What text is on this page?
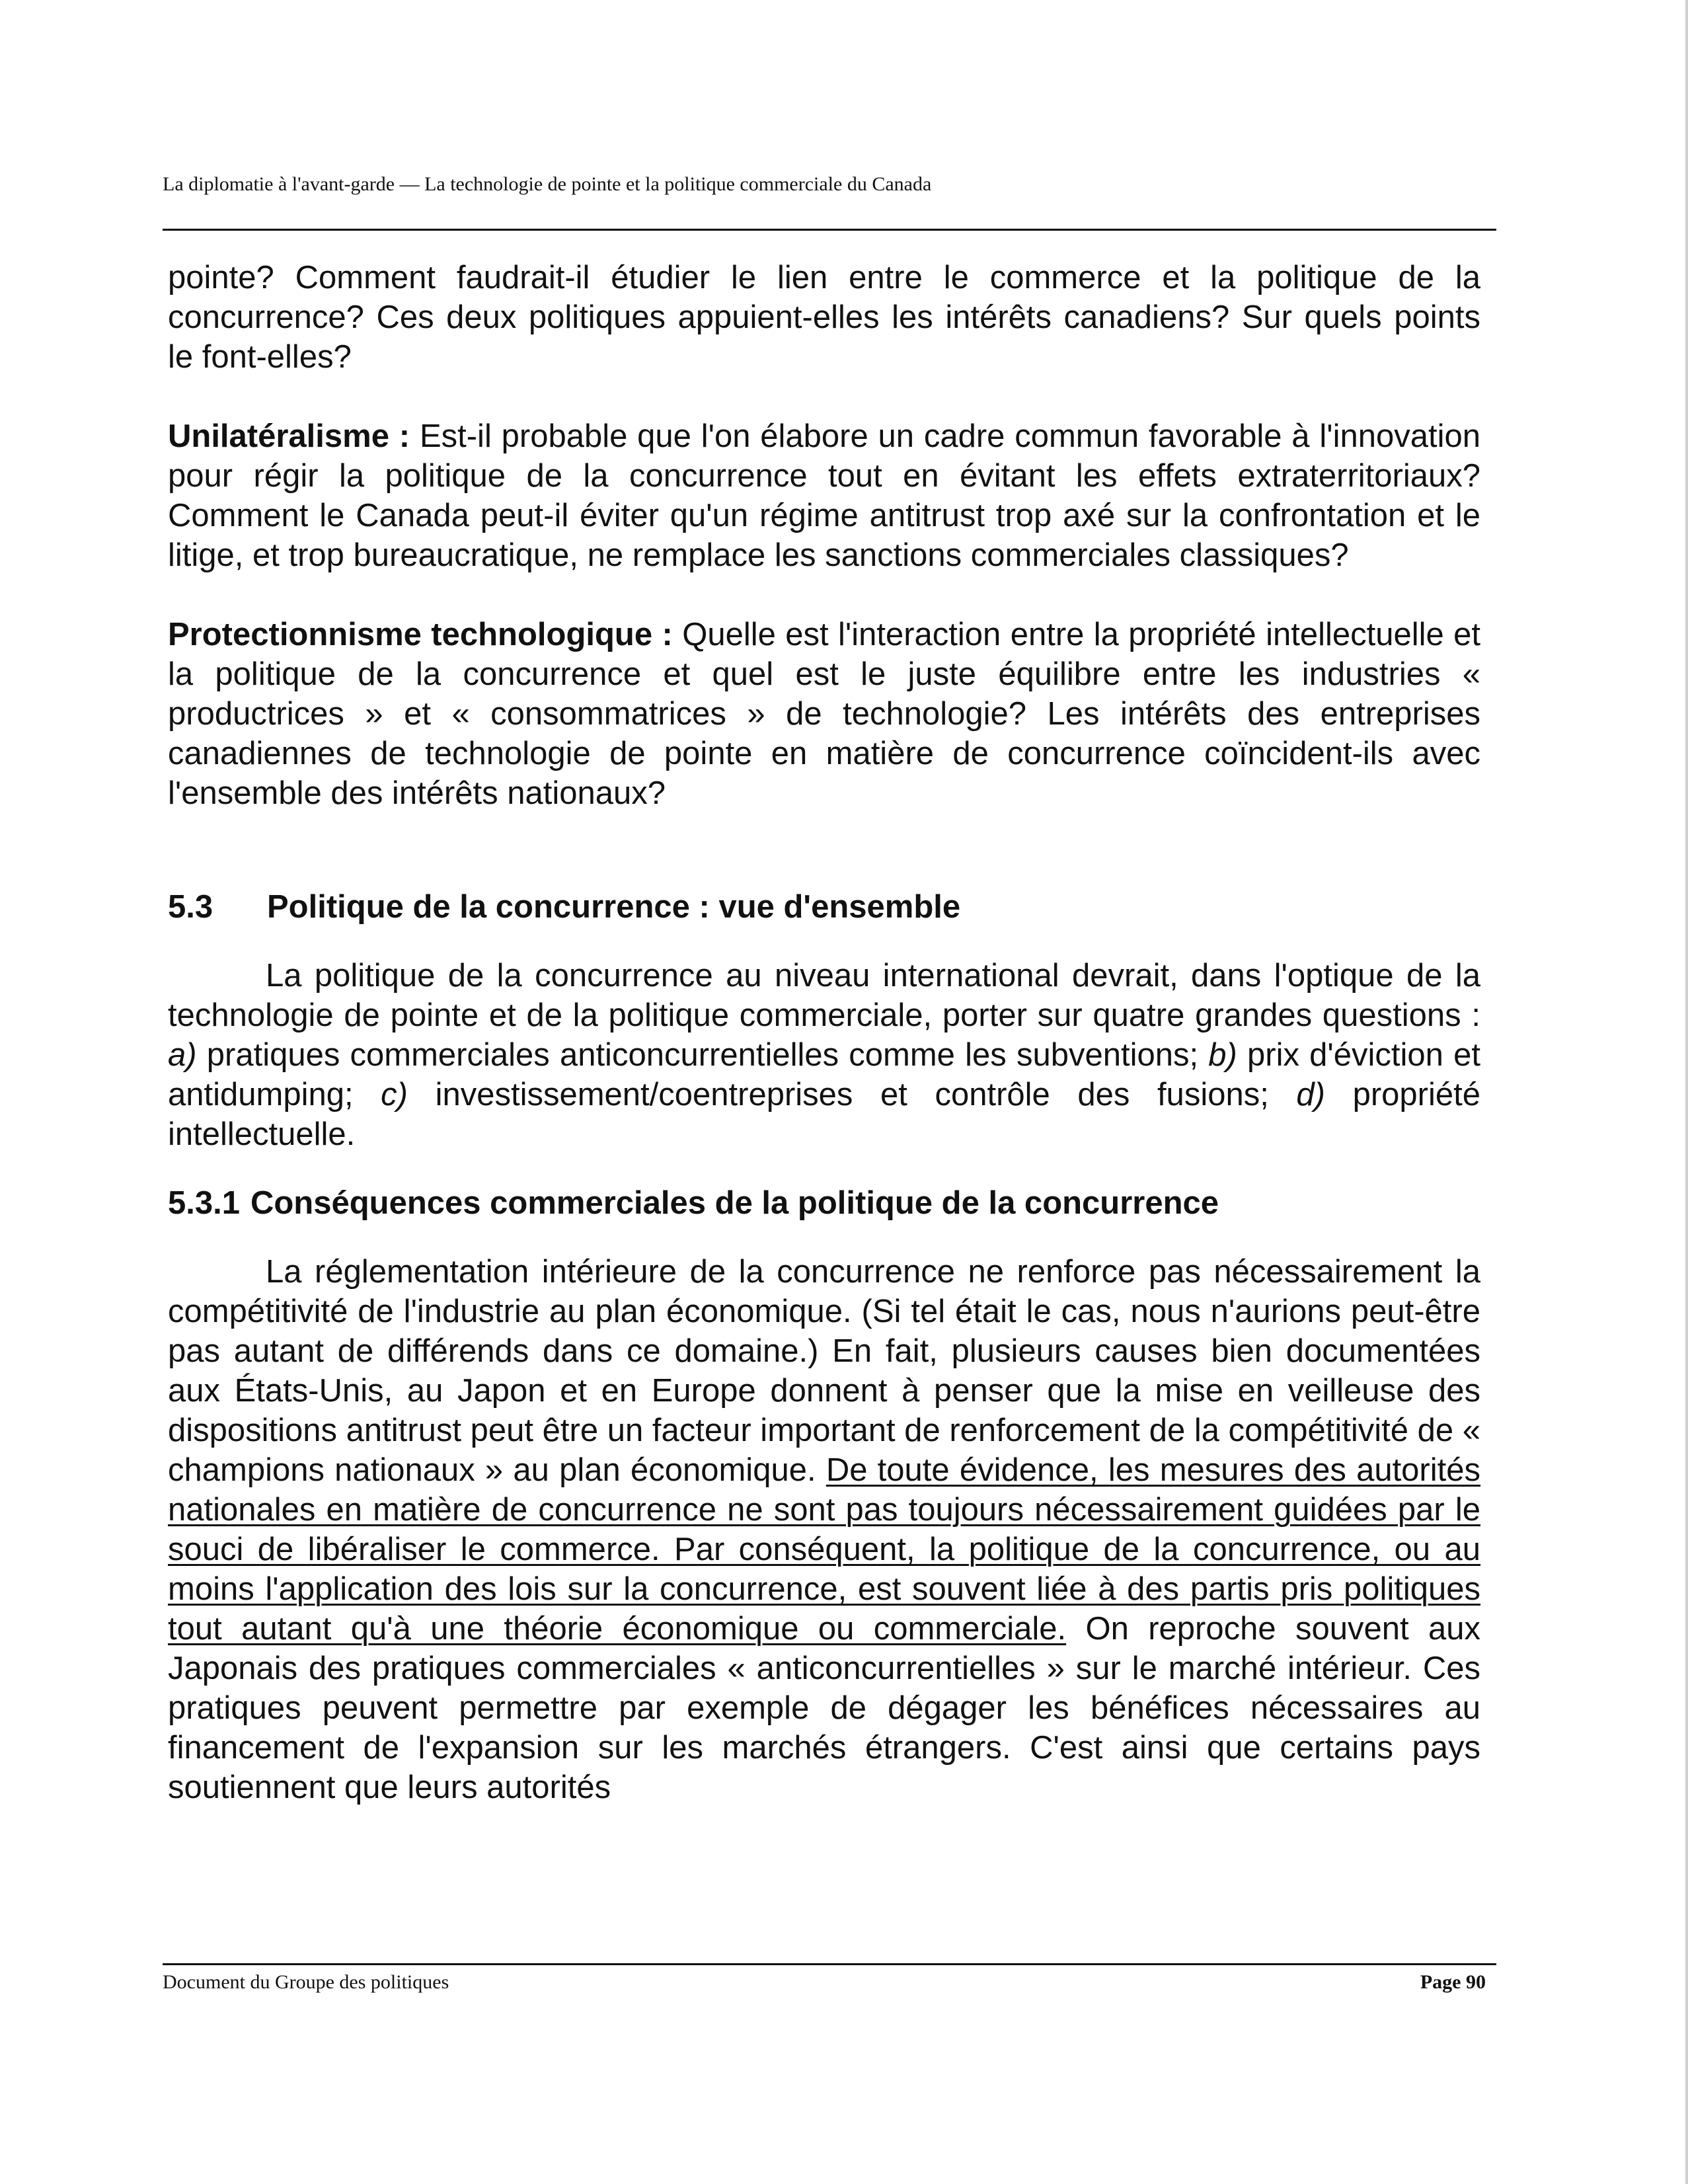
La diplomatie à l'avant-garde — La technologie de pointe et la politique commerciale du Canada

pointe? Comment faudrait-il étudier le lien entre le commerce et la politique de la concurrence? Ces deux politiques appuient-elles les intérêts canadiens? Sur quels points le font-elles?

Unilatéralisme : Est-il probable que l'on élabore un cadre commun favorable à l'innovation pour régir la politique de la concurrence tout en évitant les effets extraterritoriaux? Comment le Canada peut-il éviter qu'un régime antitrust trop axé sur la confrontation et le litige, et trop bureaucratique, ne remplace les sanctions commerciales classiques?

Protectionnisme technologique : Quelle est l'interaction entre la propriété intellectuelle et la politique de la concurrence et quel est le juste équilibre entre les industries « productrices » et « consommatrices » de technologie? Les intérêts des entreprises canadiennes de technologie de pointe en matière de concurrence coïncident-ils avec l'ensemble des intérêts nationaux?

5.3	Politique de la concurrence : vue d'ensemble

La politique de la concurrence au niveau international devrait, dans l'optique de la technologie de pointe et de la politique commerciale, porter sur quatre grandes questions : a) pratiques commerciales anticoncurrentielles comme les subventions; b) prix d'éviction et antidumping; c) investissement/coentreprises et contrôle des fusions; d) propriété intellectuelle.

5.3.1 Conséquences commerciales de la politique de la concurrence

La réglementation intérieure de la concurrence ne renforce pas nécessairement la compétitivité de l'industrie au plan économique. (Si tel était le cas, nous n'aurions peut-être pas autant de différends dans ce domaine.) En fait, plusieurs causes bien documentées aux États-Unis, au Japon et en Europe donnent à penser que la mise en veilleuse des dispositions antitrust peut être un facteur important de renforcement de la compétitivité de « champions nationaux » au plan économique. De toute évidence, les mesures des autorités nationales en matière de concurrence ne sont pas toujours nécessairement guidées par le souci de libéraliser le commerce. Par conséquent, la politique de la concurrence, ou au moins l'application des lois sur la concurrence, est souvent liée à des partis pris politiques tout autant qu'à une théorie économique ou commerciale. On reproche souvent aux Japonais des pratiques commerciales « anticoncurrentielles » sur le marché intérieur. Ces pratiques peuvent permettre par exemple de dégager les bénéfices nécessaires au financement de l'expansion sur les marchés étrangers. C'est ainsi que certains pays soutiennent que leurs autorités

Document du Groupe des politiques	Page 90
